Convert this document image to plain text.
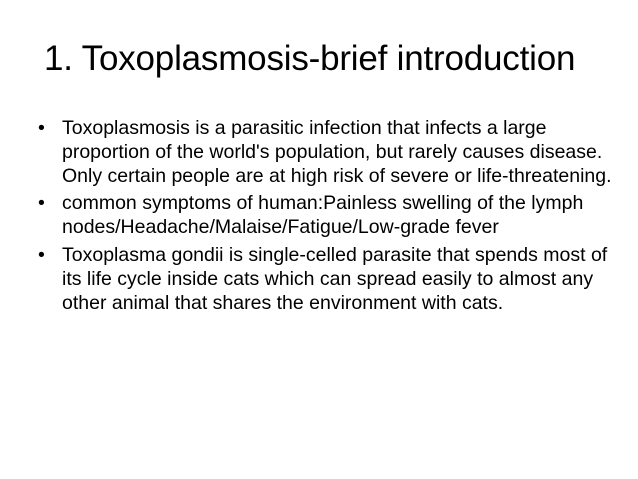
1. Toxoplasmosis-brief introduction
• Toxoplasmosis is a parasitic infection that infects a large proportion of the world's population, but rarely causes disease. Only certain people are at high risk of severe or life-threatening.
• common symptoms of human:Painless swelling of the lymph nodes/Headache/Malaise/Fatigue/Low-grade fever
• Toxoplasma gondii is single-celled parasite that spends most of its life cycle inside cats which can spread easily to almost any other animal that shares the environment with cats.
